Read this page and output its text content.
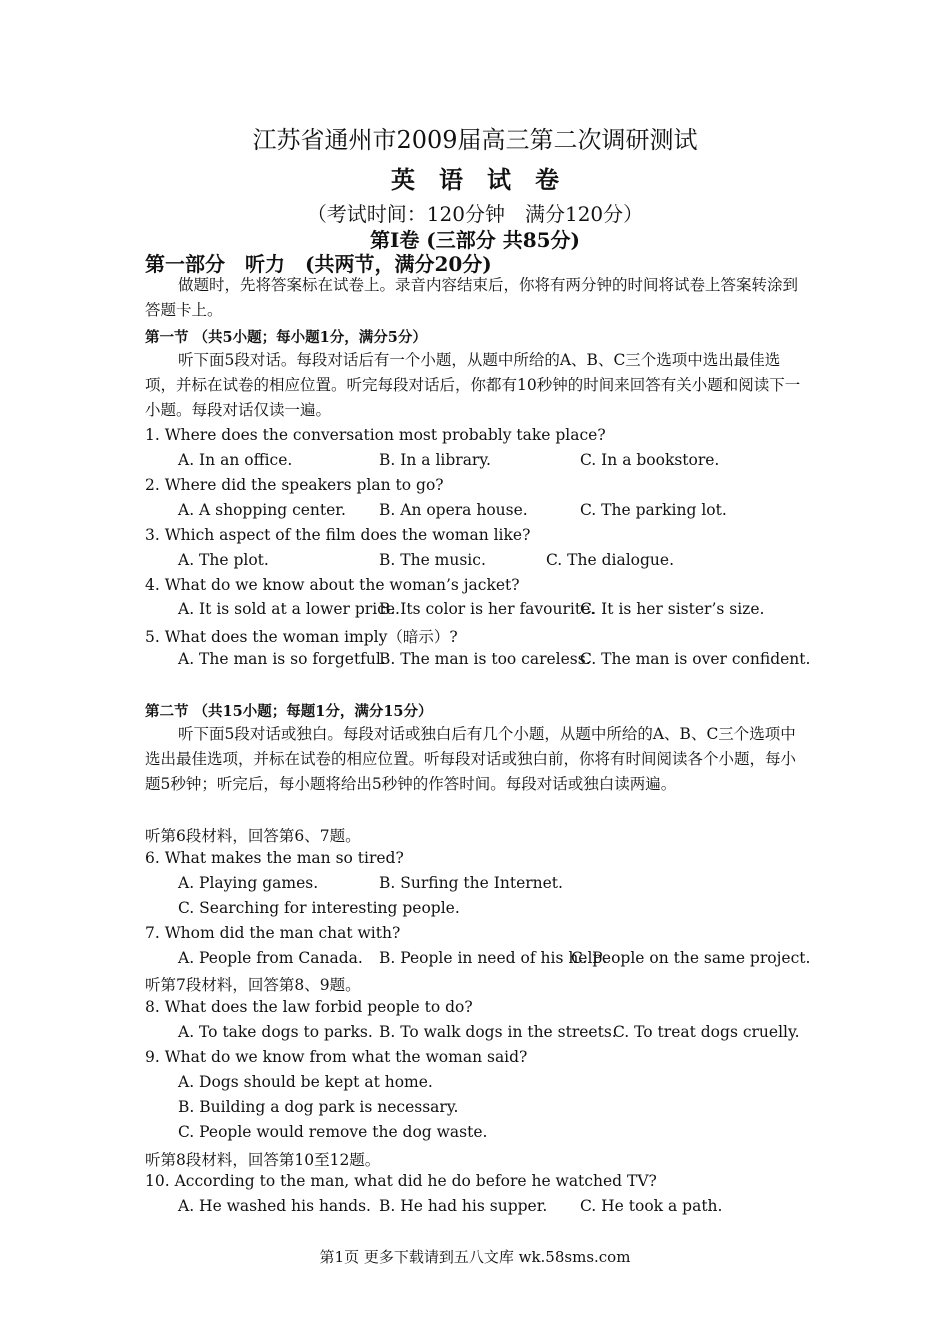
江苏省通州市2009届高三第二次调研测试
英语试卷
（考试时间：120分钟　满分120分）
第I卷 (三部分 共85分)
第一部分　听力　(共两节，满分20分)
做题时，先将答案标在试卷上。录音内容结束后，你将有两分钟的时间将试卷上答案转涂到答题卡上。
第一节 （共5小题；每小题1分，满分5分）
听下面5段对话。每段对话后有一个小题，从题中所给的A、B、C三个选项中选出最佳选项，并标在试卷的相应位置。听完每段对话后，你都有10秒钟的时间来回答有关小题和阅读下一小题。每段对话仅读一遍。
1. Where does the conversation most probably take place?
A. In an office.	B. In a library.	C. In a bookstore.
2. Where did the speakers plan to go?
A. A shopping center. B. An opera house.	C. The parking lot.
3. Which aspect of the film does the woman like?
A. The plot.	B. The music.	C. The dialogue.
4. What do we know about the woman’s jacket?
A. It is sold at a lower price.
B. Its color is her favourite.
C. It is her sister’s size.
5. What does the woman imply（暗示）?
A. The man is so forgetful.
B. The man is too careless.
C. The man is over confident.
第二节 （共15小题；每题1分，满分15分）
听下面5段对话或独白。每段对话或独白后有几个小题，从题中所给的A、B、C三个选项中选出最佳选项，并标在试卷的相应位置。听每段对话或独白前，你将有时间阅读各个小题，每小题5秒钟；听完后，每小题将给出5秒钟的作答时间。每段对话或独白读两遍。
听第6段材料，回答第6、7题。
6. What makes the man so tired?
A. Playing games.	B. Surfing the Internet.
C. Searching for interesting people.
7. Whom did the man chat with?
A. People from Canada. B. People in need of his help.
C. People on the same project.
听第7段材料，回答第8、9题。
8. What does the law forbid people to do?
A. To take dogs to parks. B. To walk dogs in the streets.
C. To treat dogs cruelly.
9. What do we know from what the woman said?
A. Dogs should be kept at home.
B. Building a dog park is necessary.
C. People would remove the dog waste.
听第8段材料，回答第10至12题。
10. According to the man, what did he do before he watched TV?
A. He washed his hands. B. He had his supper. C. He took a path.
第1页 更多下载请到五八文库 wk.58sms.com
